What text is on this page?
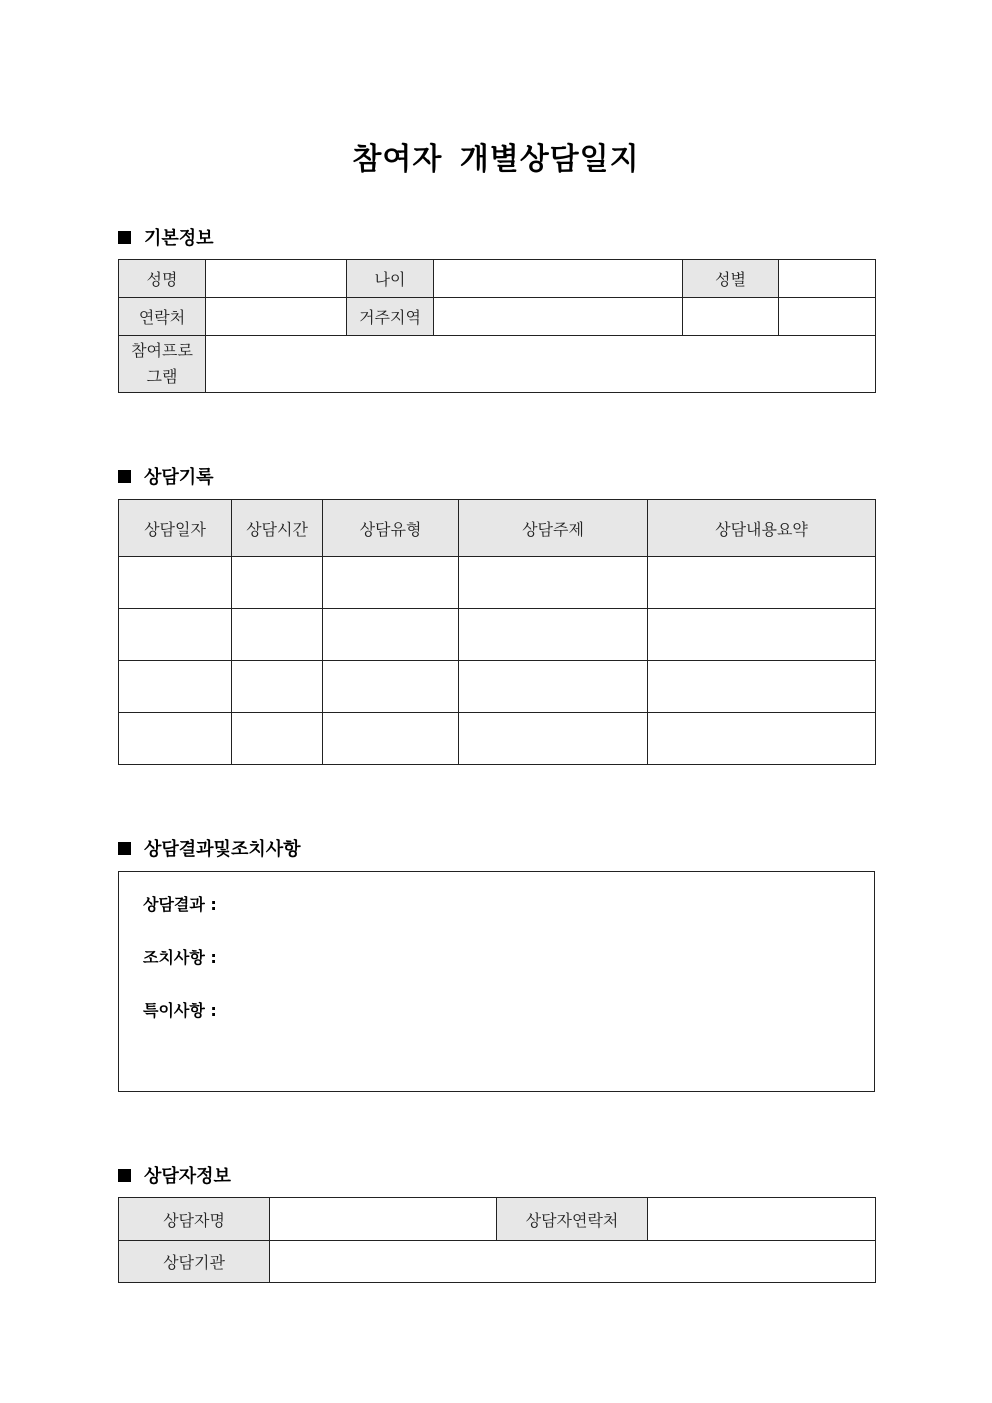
참여자 개별상담일지
기본정보
성명		나이		성별	
연락처		거주지역			
참여프로
그램					
상담기록
상담일자	상담시간	상담유형	상담주제	상담내용요약

상담결과및조치사항
상담결과 :
조치사항 :
특이사항 :
상담자정보
상담자명		상담자연락처	
상담기관			
